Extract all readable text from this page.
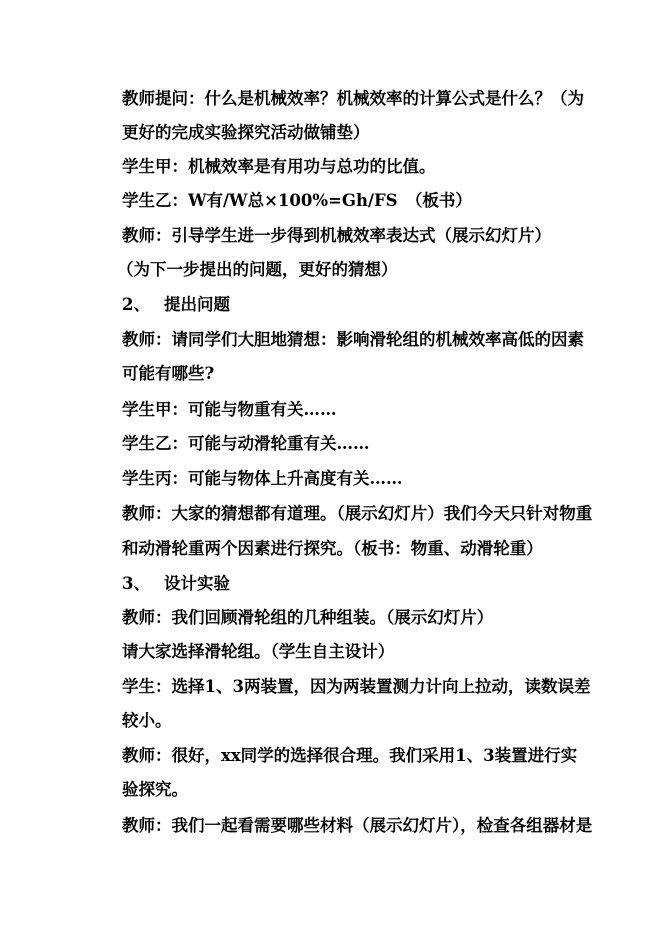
教师提问：什么是机械效率？机械效率的计算公式是什么？（为
更好的完成实验探究活动做铺垫）
学生甲：机械效率是有用功与总功的比值。
学生乙：W有/W总×100%=Gh/FS　（板书）
教师：引导学生进一步得到机械效率表达式（展示幻灯片）
（为下一步提出的问题，更好的猜想）
2、　 提出问题
教师：请同学们大胆地猜想：影响滑轮组的机械效率高低的因素
可能有哪些?
学生甲：可能与物重有关……
学生乙：可能与动滑轮重有关……
学生丙：可能与物体上升高度有关……
教师：大家的猜想都有道理。（展示幻灯片）我们今天只针对物重
和动滑轮重两个因素进行探究。（板书：物重、动滑轮重）
3、　 设计实验
教师：我们回顾滑轮组的几种组装。（展示幻灯片）
请大家选择滑轮组。（学生自主设计）
学生：选择1、3两装置，因为两装置测力计向上拉动，读数误差
较小。
教师：很好，xx同学的选择很合理。我们采用1、3装置进行实
验探究。
教师：我们一起看需要哪些材料（展示幻灯片），检查各组器材是
